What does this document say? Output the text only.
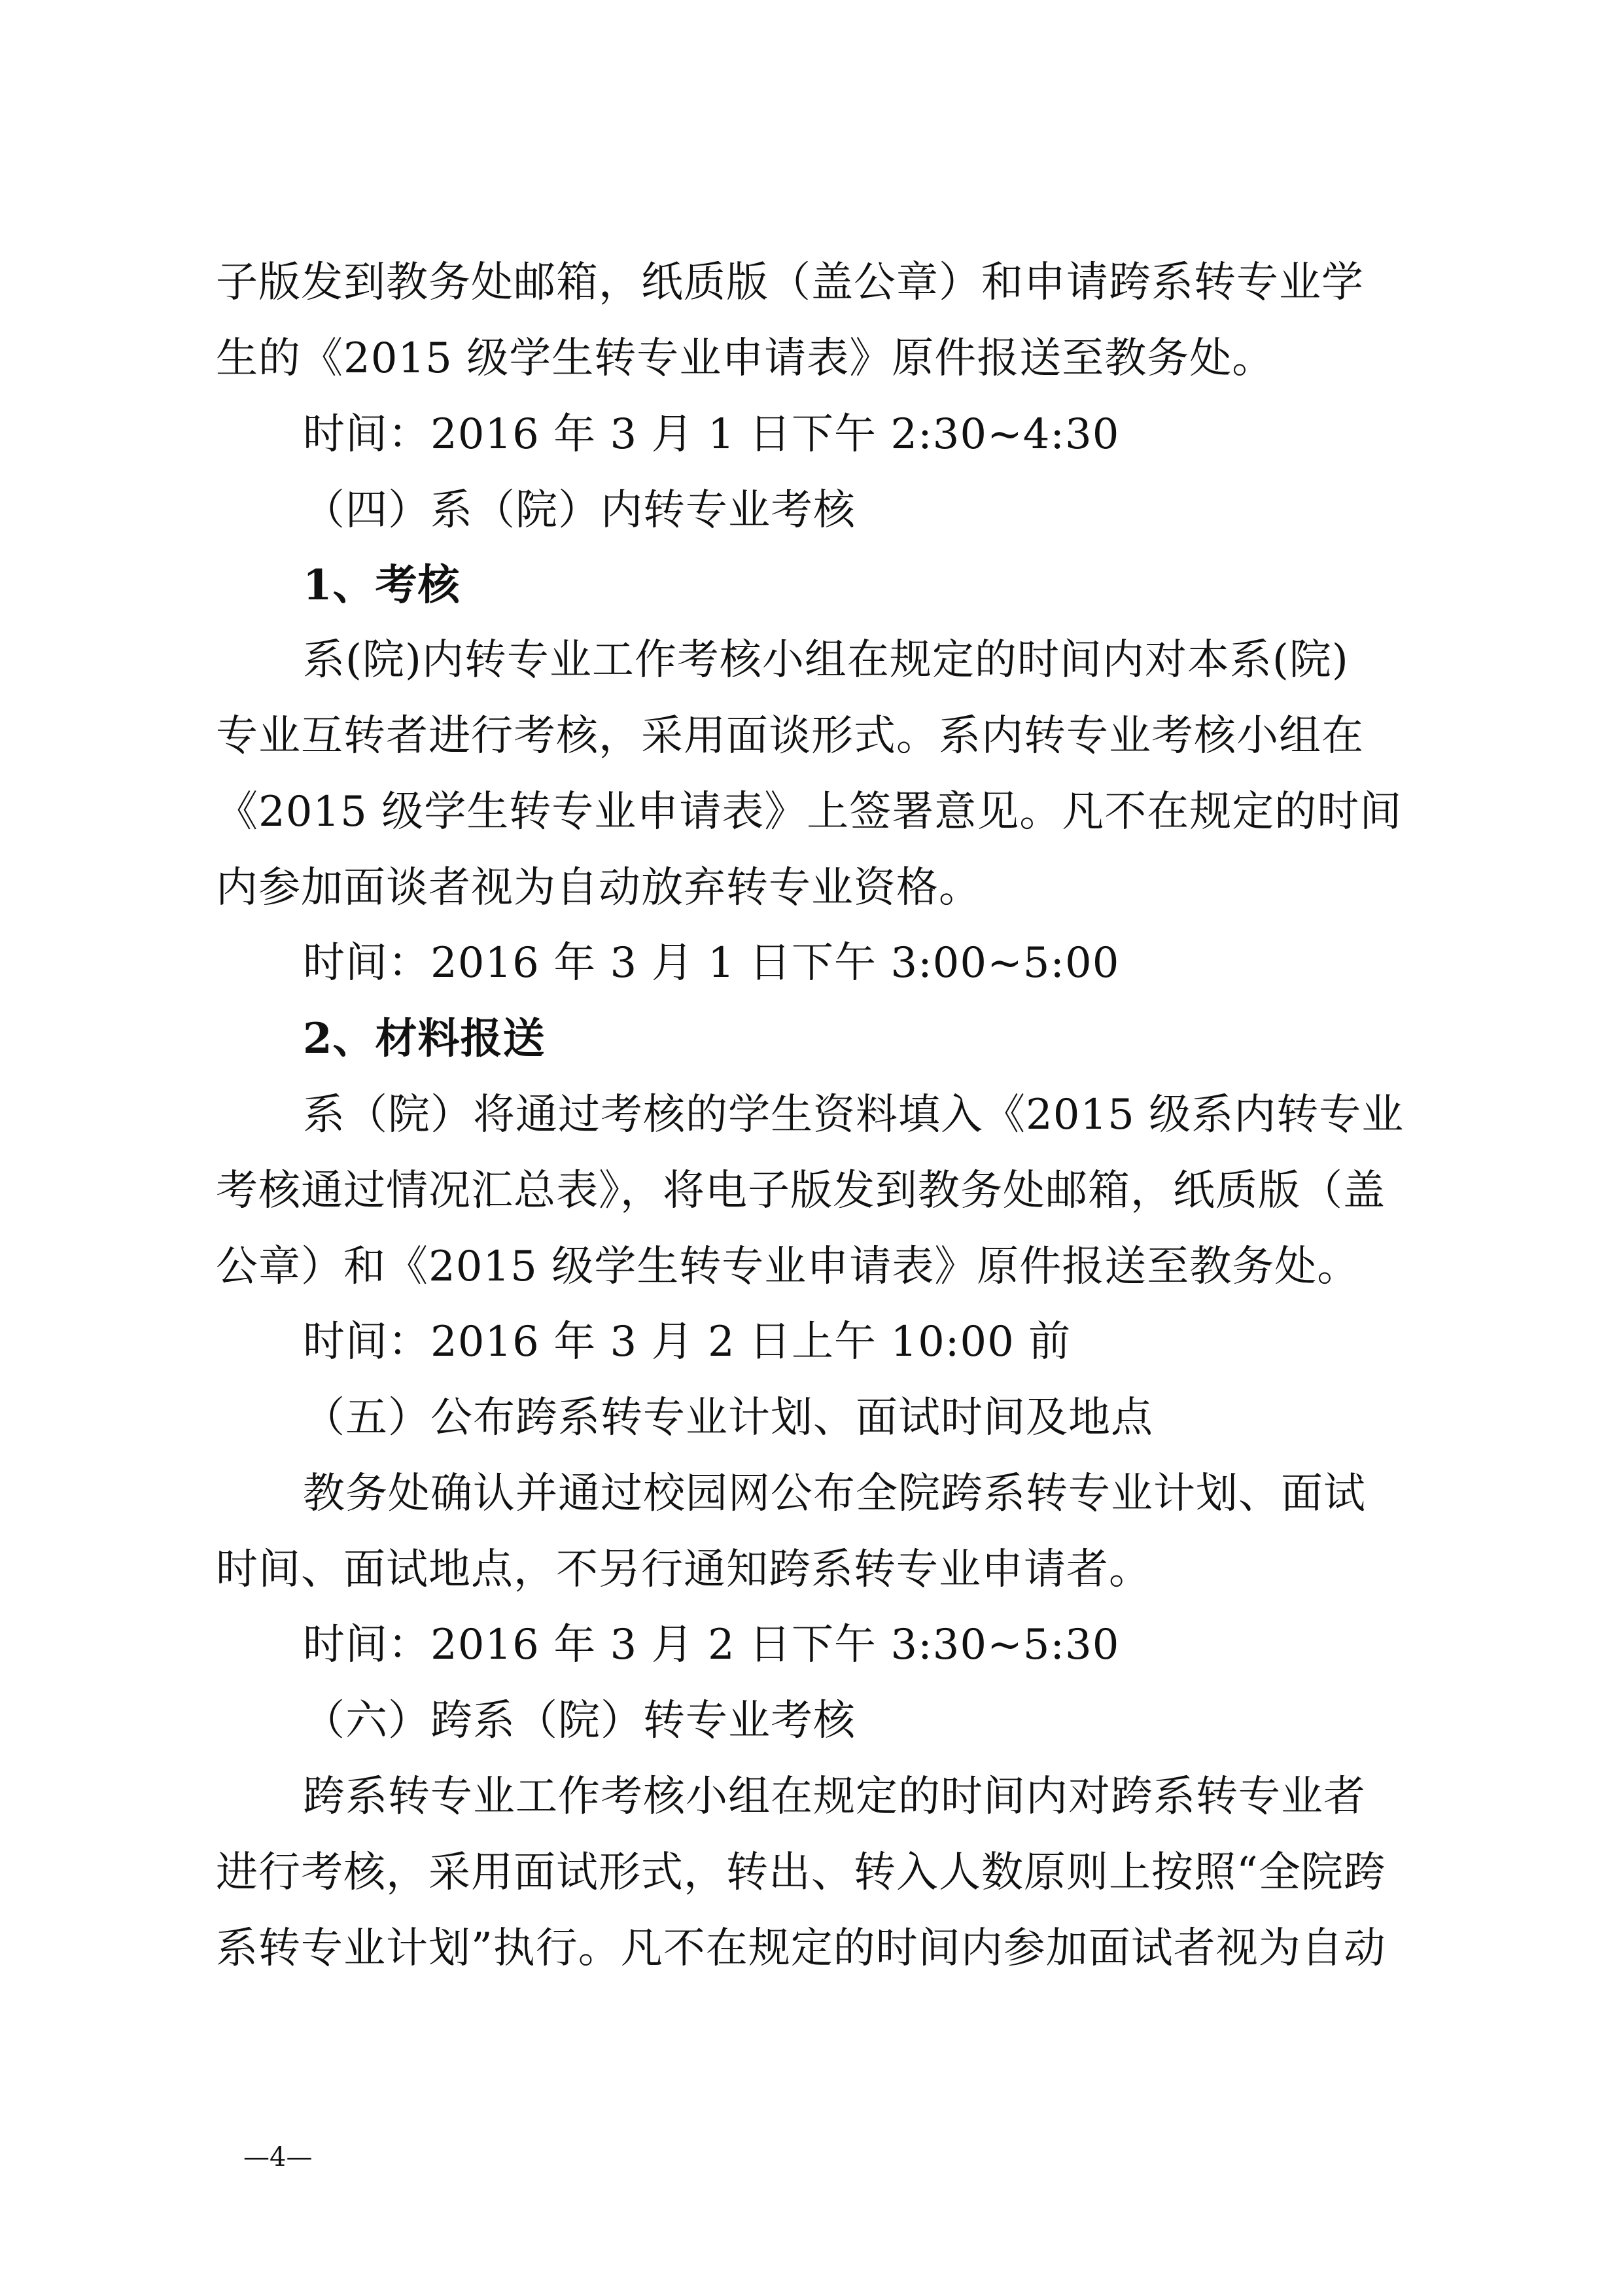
子版发到教务处邮箱，纸质版（盖公章）和申请跨系转专业学
生的《2015 级学生转专业申请表》原件报送至教务处。
时间：2016 年 3 月 1 日下午 2:30~4:30
（四）系（院）内转专业考核
1、考核
系(院)内转专业工作考核小组在规定的时间内对本系(院)
专业互转者进行考核，采用面谈形式。系内转专业考核小组在
《2015 级学生转专业申请表》上签署意见。凡不在规定的时间
内参加面谈者视为自动放弃转专业资格。
时间：2016 年 3 月 1 日下午 3:00~5:00
2、材料报送
系（院）将通过考核的学生资料填入《2015 级系内转专业
考核通过情况汇总表》，将电子版发到教务处邮箱，纸质版（盖
公章）和《2015 级学生转专业申请表》原件报送至教务处。
时间：2016 年 3 月 2 日上午 10:00 前
（五）公布跨系转专业计划、面试时间及地点
教务处确认并通过校园网公布全院跨系转专业计划、面试
时间、面试地点，不另行通知跨系转专业申请者。
时间：2016 年 3 月 2 日下午 3:30~5:30
（六）跨系（院）转专业考核
跨系转专业工作考核小组在规定的时间内对跨系转专业者
进行考核，采用面试形式，转出、转入人数原则上按照“全院跨
系转专业计划”执行。凡不在规定的时间内参加面试者视为自动
—4—
